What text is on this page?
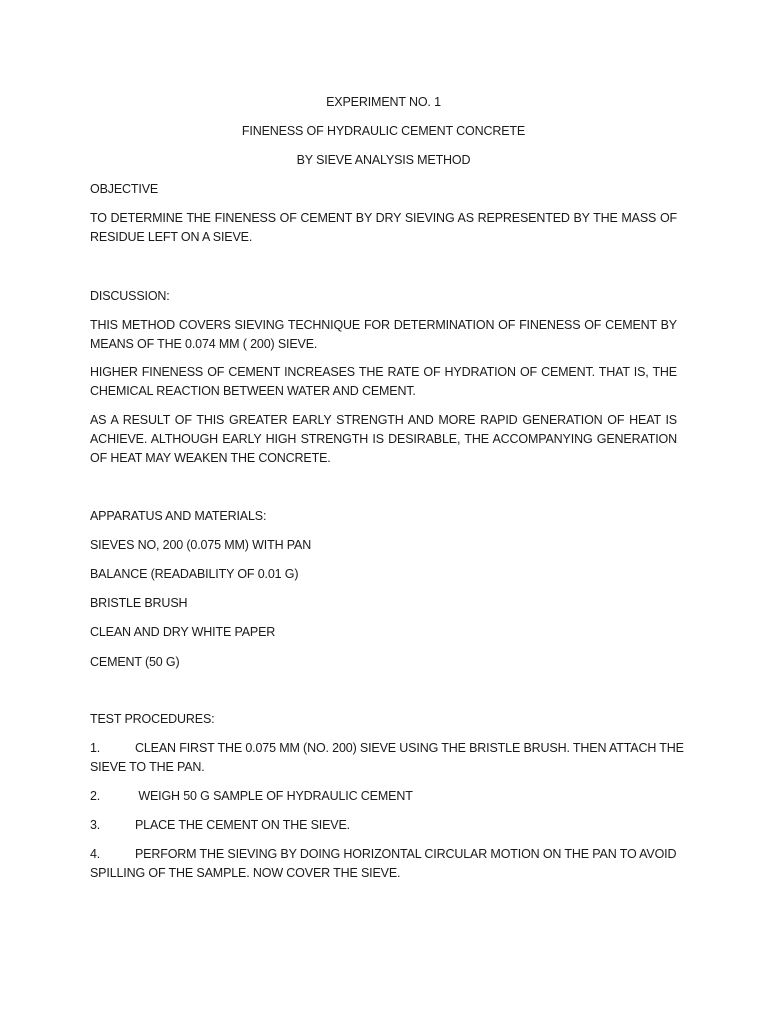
EXPERIMENT NO. 1
FINENESS OF HYDRAULIC CEMENT CONCRETE
BY SIEVE ANALYSIS METHOD
OBJECTIVE
TO DETERMINE THE FINENESS OF CEMENT BY DRY SIEVING AS REPRESENTED BY THE MASS OF RESIDUE LEFT ON A SIEVE.
DISCUSSION:
THIS METHOD COVERS SIEVING TECHNIQUE FOR DETERMINATION OF FINENESS OF CEMENT BY MEANS OF THE 0.074 MM ( 200) SIEVE.
HIGHER FINENESS OF CEMENT INCREASES THE RATE OF HYDRATION OF CEMENT. THAT IS, THE CHEMICAL REACTION BETWEEN WATER AND CEMENT.
AS A RESULT OF THIS GREATER EARLY STRENGTH AND MORE RAPID GENERATION OF HEAT IS ACHIEVE. ALTHOUGH EARLY HIGH STRENGTH IS DESIRABLE, THE ACCOMPANYING GENERATION OF HEAT MAY WEAKEN THE CONCRETE.
APPARATUS AND MATERIALS:
SIEVES NO, 200 (0.075 MM) WITH PAN
BALANCE (READABILITY OF 0.01 G)
BRISTLE BRUSH
CLEAN AND DRY WHITE PAPER
CEMENT (50 G)
TEST PROCEDURES:
1.	CLEAN FIRST THE 0.075 MM (NO. 200) SIEVE USING THE BRISTLE BRUSH. THEN ATTACH THE
SIEVE TO THE PAN.
2.	WEIGH 50 G SAMPLE OF HYDRAULIC CEMENT
3.	PLACE THE CEMENT ON THE SIEVE.
4.	PERFORM THE SIEVING BY DOING HORIZONTAL CIRCULAR MOTION ON THE PAN TO AVOID
SPILLING OF THE SAMPLE. NOW COVER THE SIEVE.
